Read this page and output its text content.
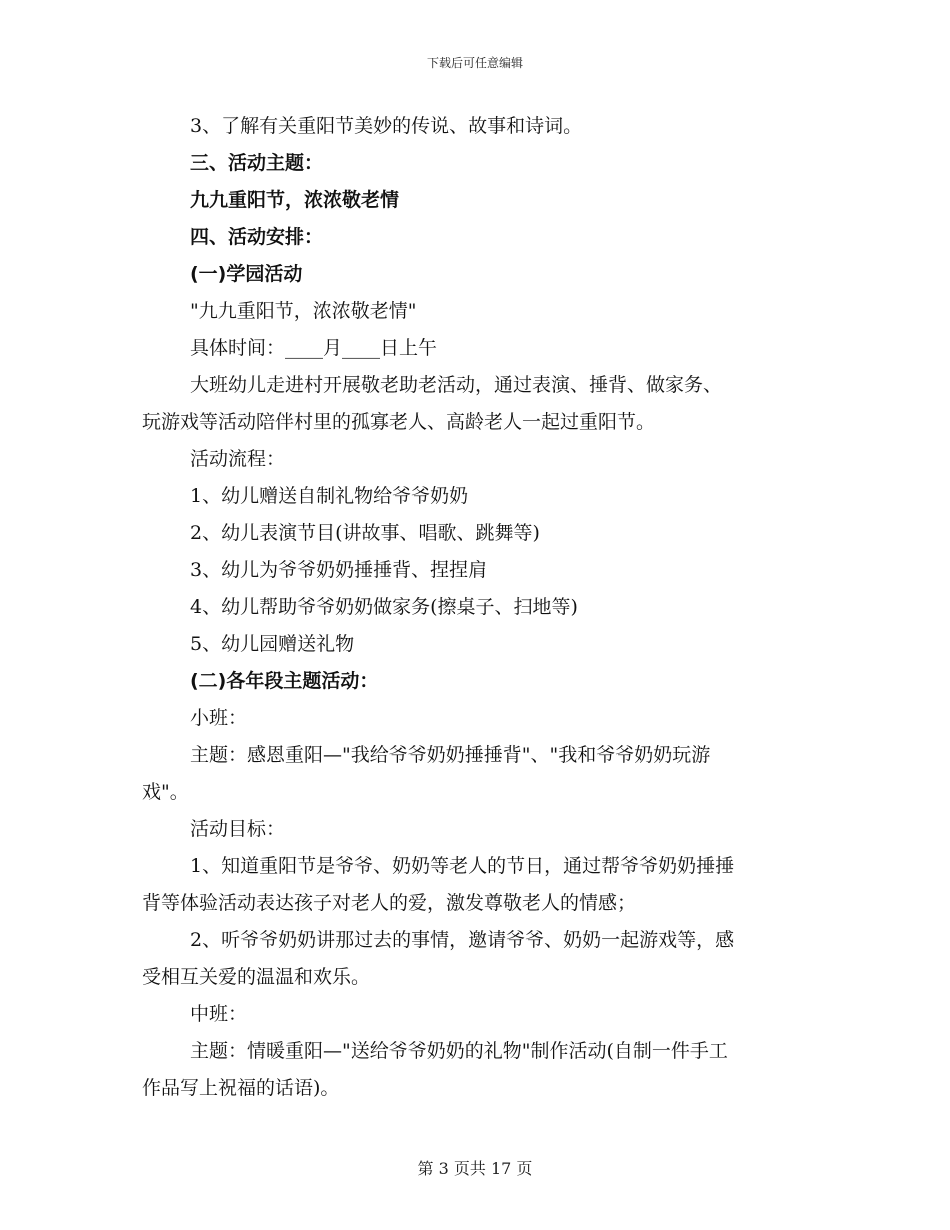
下载后可任意编辑
3、了解有关重阳节美妙的传说、故事和诗词。
三、活动主题：
九九重阳节，浓浓敬老情
四、活动安排：
(一)学园活动
"九九重阳节，浓浓敬老情"
具体时间：____月____日上午
大班幼儿走进村开展敬老助老活动，通过表演、捶背、做家务、
玩游戏等活动陪伴村里的孤寡老人、高龄老人一起过重阳节。
活动流程：
1、幼儿赠送自制礼物给爷爷奶奶
2、幼儿表演节目(讲故事、唱歌、跳舞等)
3、幼儿为爷爷奶奶捶捶背、捏捏肩
4、幼儿帮助爷爷奶奶做家务(擦桌子、扫地等)
5、幼儿园赠送礼物
(二)各年段主题活动：
小班：
主题：感恩重阳—"我给爷爷奶奶捶捶背"、"我和爷爷奶奶玩游
戏"。
活动目标：
1、知道重阳节是爷爷、奶奶等老人的节日，通过帮爷爷奶奶捶捶
背等体验活动表达孩子对老人的爱，激发尊敬老人的情感；
2、听爷爷奶奶讲那过去的事情，邀请爷爷、奶奶一起游戏等，感
受相互关爱的温温和欢乐。
中班：
主题：情暖重阳—"送给爷爷奶奶的礼物"制作活动(自制一件手工
作品写上祝福的话语)。
第 3 页共 17 页
